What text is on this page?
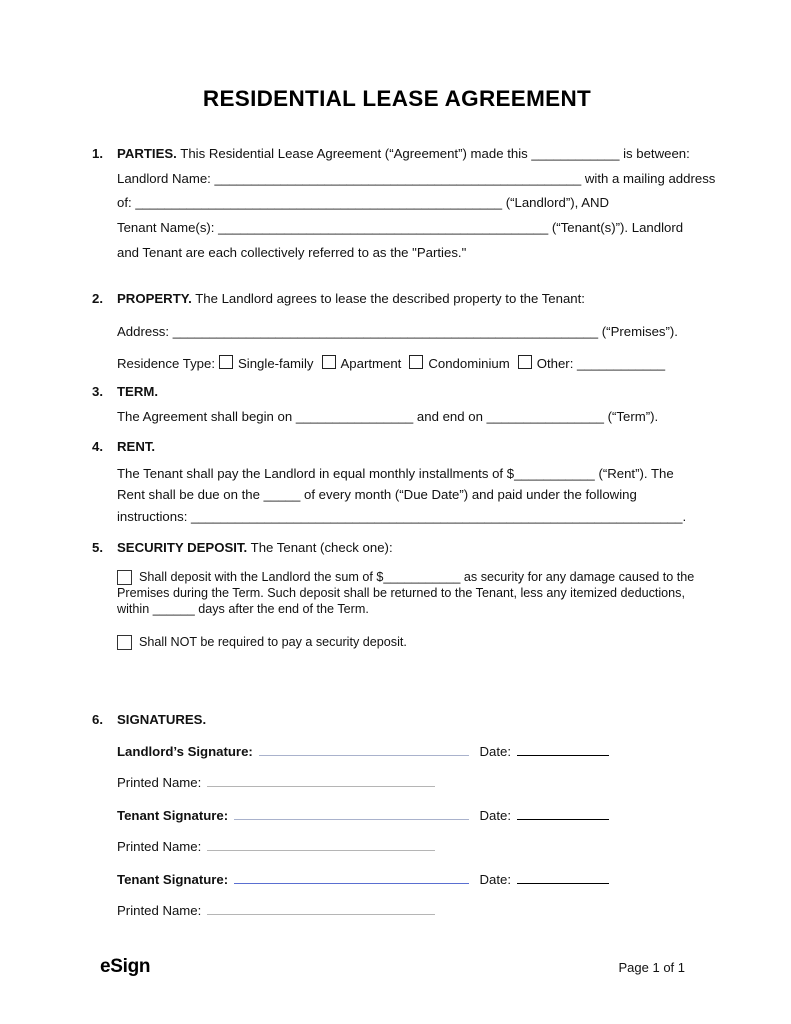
RESIDENTIAL LEASE AGREEMENT
1.	PARTIES. This Residential Lease Agreement (“Agreement”) made this ____________ is between:
Landlord Name: __________________________________________________ with a mailing address
of: __________________________________________________ (“Landlord”), AND
Tenant Name(s): _____________________________________________ (“Tenant(s)”). Landlord
and Tenant are each collectively referred to as the "Parties."
2.	PROPERTY. The Landlord agrees to lease the described property to the Tenant:
Address: __________________________________________________________ (“Premises”).
Residence Type: Single-family Apartment Condominium Other: ____________
3.	TERM.
The Agreement shall begin on ________________ and end on ________________ (“Term”).
4.	RENT.
The Tenant shall pay the Landlord in equal monthly installments of $___________ (“Rent”). The
Rent shall be due on the _____ of every month (“Due Date”) and paid under the following
instructions: ___________________________________________________________________.
5.	SECURITY DEPOSIT. The Tenant (check one):
Shall deposit with the Landlord the sum of $___________ as security for any damage caused to the Premises during the Term. Such deposit shall be returned to the Tenant, less any itemized deductions, within ______ days after the end of the Term.
Shall NOT be required to pay a security deposit.
6.	SIGNATURES.
Landlord’s Signature:	Date:
Printed Name:
Tenant Signature:	Date:
Printed Name:
Tenant Signature:	Date:
Printed Name:
eSign	Page 1 of 1
